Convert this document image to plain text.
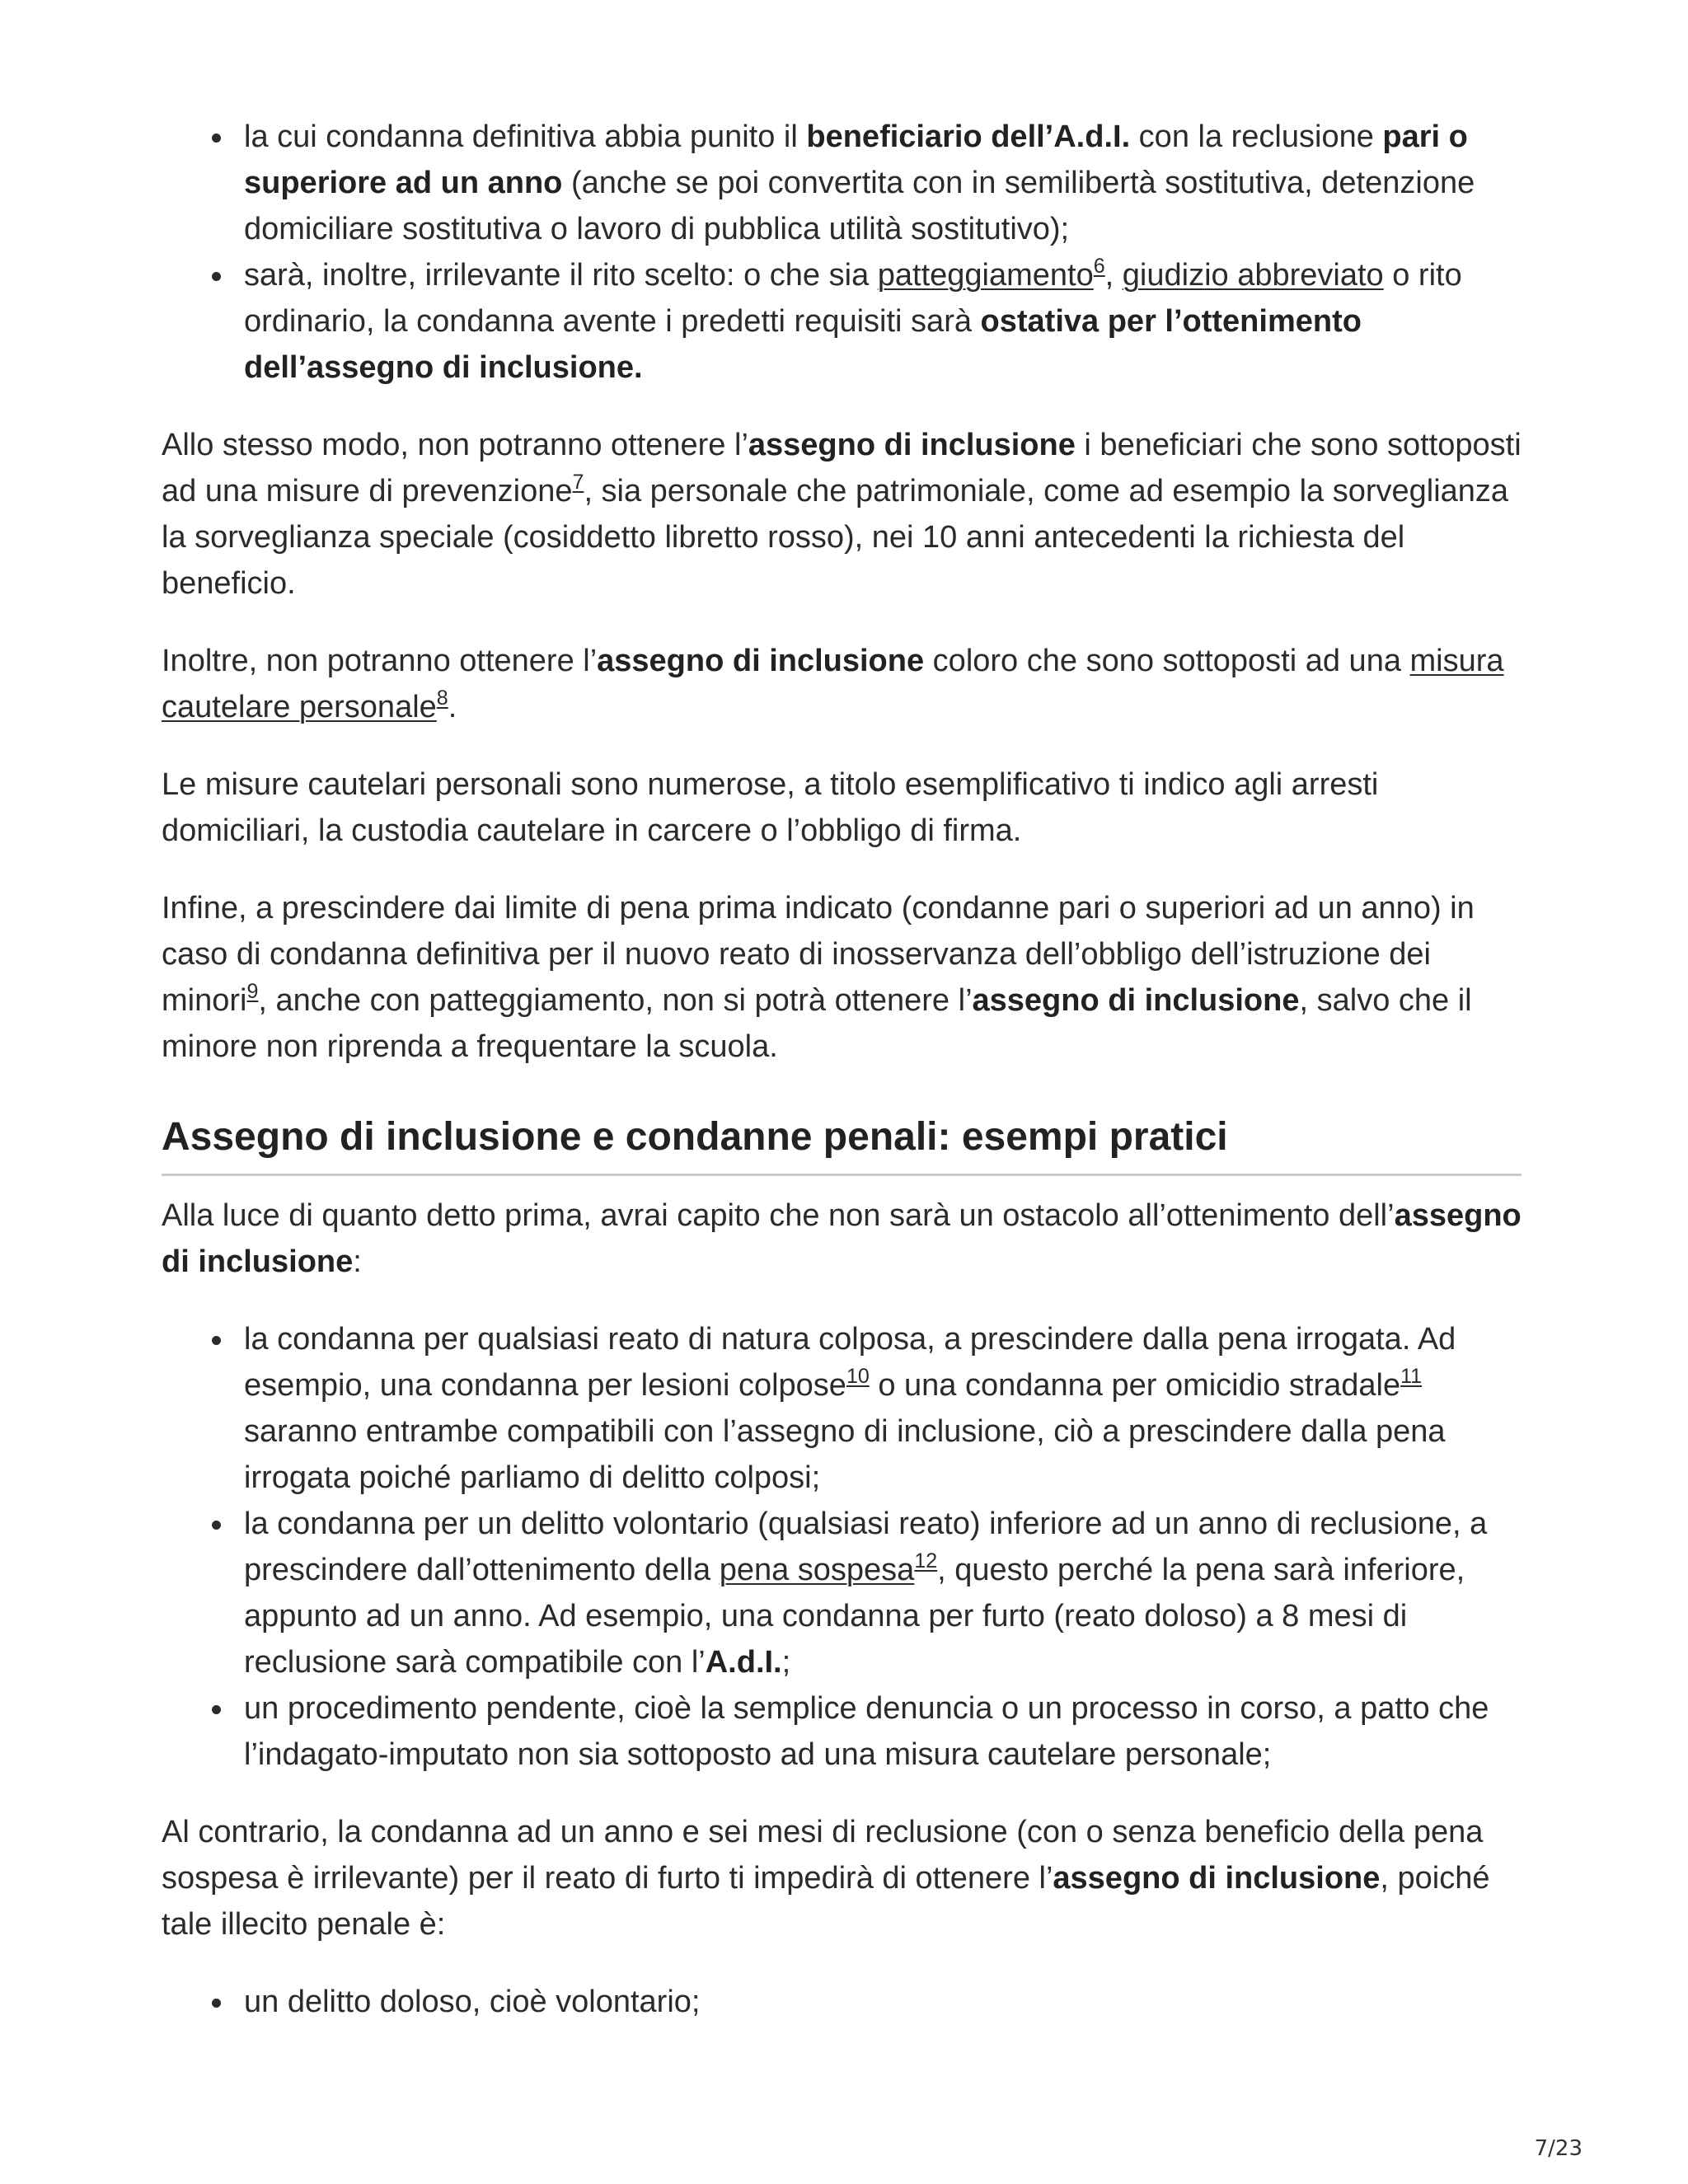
la cui condanna definitiva abbia punito il beneficiario dell’A.d.I. con la reclusione pari o superiore ad un anno (anche se poi convertita con in semilibertà sostitutiva, detenzione domiciliare sostitutiva o lavoro di pubblica utilità sostitutivo);
sarà, inoltre, irrilevante il rito scelto: o che sia patteggiamento$^6$, giudizio abbreviato o rito ordinario, la condanna avente i predetti requisiti sarà ostativa per l’ottenimento dell’assegno di inclusione.

Allo stesso modo, non potranno ottenere l’assegno di inclusione i beneficiari che sono sottoposti ad una misure di prevenzione$^7$, sia personale che patrimoniale, come ad esempio la sorveglianza la sorveglianza speciale (cosiddetto libretto rosso), nei 10 anni antecedenti la richiesta del beneficio.

Inoltre, non potranno ottenere l’assegno di inclusione coloro che sono sottoposti ad una misura cautelare personale$^8$.

Le misure cautelari personali sono numerose, a titolo esemplificativo ti indico agli arresti domiciliari, la custodia cautelare in carcere o l’obbligo di firma.

Infine, a prescindere dai limite di pena prima indicato (condanne pari o superiori ad un anno) in caso di condanna definitiva per il nuovo reato di inosservanza dell’obbligo dell’istruzione dei minori$^9$, anche con patteggiamento, non si potrà ottenere l’assegno di inclusione, salvo che il minore non riprenda a frequentare la scuola.

Assegno di inclusione e condanne penali: esempi pratici

Alla luce di quanto detto prima, avrai capito che non sarà un ostacolo all’ottenimento dell’assegno di inclusione:

la condanna per qualsiasi reato di natura colposa, a prescindere dalla pena irrogata. Ad esempio, una condanna per lesioni colpose$^{10}$ o una condanna per omicidio stradale$^{11}$ saranno entrambe compatibili con l’assegno di inclusione, ciò a prescindere dalla pena irrogata poiché parliamo di delitto colposi;
la condanna per un delitto volontario (qualsiasi reato) inferiore ad un anno di reclusione, a prescindere dall’ottenimento della pena sospesa$^{12}$, questo perché la pena sarà inferiore, appunto ad un anno. Ad esempio, una condanna per furto (reato doloso) a 8 mesi di reclusione sarà compatibile con l’A.d.I.;
un procedimento pendente, cioè la semplice denuncia o un processo in corso, a patto che l’indagato-imputato non sia sottoposto ad una misura cautelare personale;

Al contrario, la condanna ad un anno e sei mesi di reclusione (con o senza beneficio della pena sospesa è irrilevante) per il reato di furto ti impedirà di ottenere l’assegno di inclusione, poiché tale illecito penale è:

un delitto doloso, cioè volontario;
7/23
